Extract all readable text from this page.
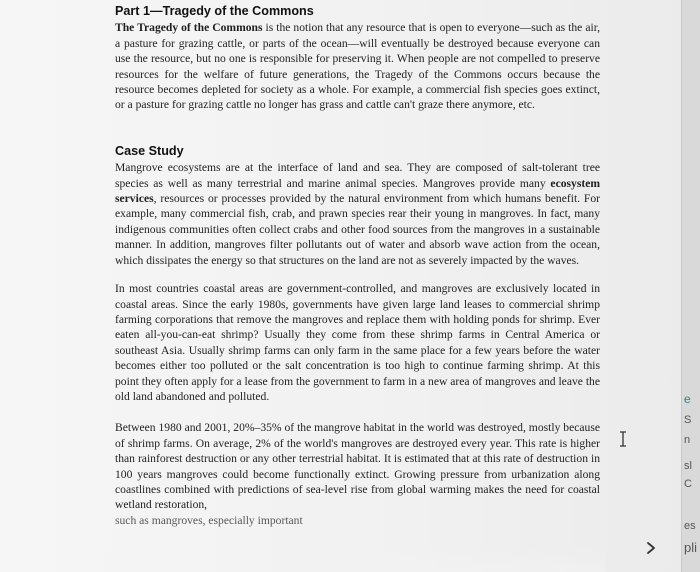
Part 1—Tragedy of the Commons

The Tragedy of the Commons is the notion that any resource that is open to everyone—such as the air, a pasture for grazing cattle, or parts of the ocean—will eventually be destroyed because everyone can use the resource, but no one is responsible for preserving it. When people are not compelled to preserve resources for the welfare of future generations, the Tragedy of the Commons occurs because the resource becomes depleted for society as a whole. For example, a commercial fish species goes extinct, or a pasture for grazing cattle no longer has grass and cattle can't graze there anymore, etc.

Case Study

Mangrove ecosystems are at the interface of land and sea. They are composed of salt-tolerant tree species as well as many terrestrial and marine animal species. Mangroves provide many ecosystem services, resources or processes provided by the natural environment from which humans benefit. For example, many commercial fish, crab, and prawn species rear their young in mangroves. In fact, many indigenous communities often collect crabs and other food sources from the mangroves in a sustainable manner. In addition, mangroves filter pollutants out of water and absorb wave action from the ocean, which dissipates the energy so that structures on the land are not as severely impacted by the waves.

In most countries coastal areas are government-controlled, and mangroves are exclusively located in coastal areas. Since the early 1980s, governments have given large land leases to commercial shrimp farming corporations that remove the mangroves and replace them with holding ponds for shrimp. Ever eaten all-you-can-eat shrimp? Usually they come from these shrimp farms in Central America or southeast Asia. Usually shrimp farms can only farm in the same place for a few years before the water becomes either too polluted or the salt concentration is too high to continue farming shrimp. At this point they often apply for a lease from the government to farm in a new area of mangroves and leave the old land abandoned and polluted.

Between 1980 and 2001, 20%–35% of the mangrove habitat in the world was destroyed, mostly because of shrimp farms. On average, 2% of the world's mangroves are destroyed every year. This rate is higher than rainforest destruction or any other terrestrial habitat. It is estimated that at this rate of destruction in 100 years mangroves could become functionally extinct. Growing pressure from urbanization along coastlines combined with predictions of sea-level rise from global warming makes the need for coastal wetland restoration,

such as mangroves, especially important

e
S
n
sl
C
es
pli
